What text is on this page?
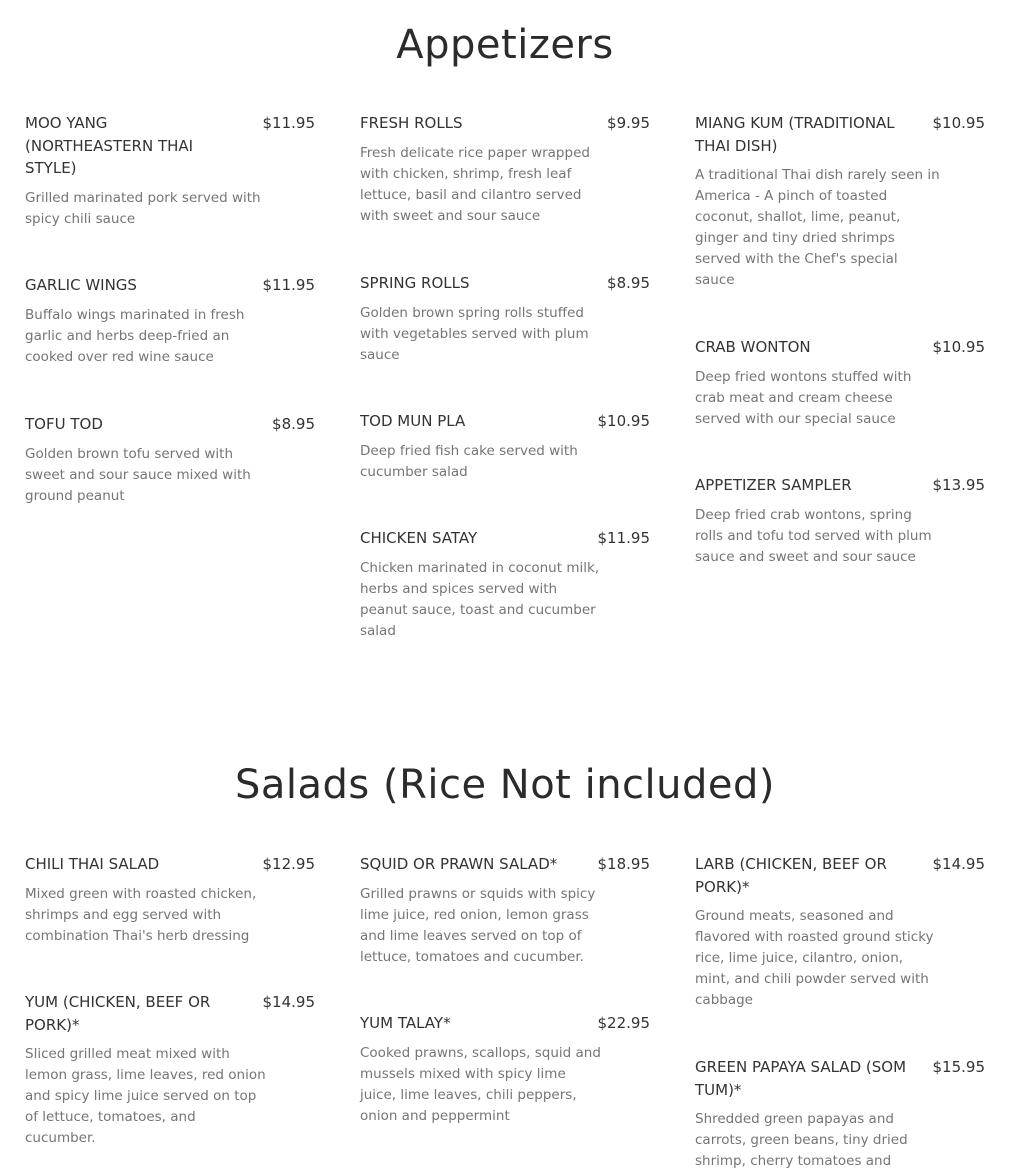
Appetizers
MOO YANG (NORTHEASTERN THAI STYLE)
$11.95
Grilled marinated pork served with spicy chili sauce
GARLIC WINGS	$11.95
Buffalo wings marinated in fresh garlic and herbs deep-fried an cooked over red wine sauce
TOFU TOD	$8.95
Golden brown tofu served with sweet and sour sauce mixed with ground peanut
FRESH ROLLS	$9.95
Fresh delicate rice paper wrapped with chicken, shrimp, fresh leaf lettuce, basil and cilantro served with sweet and sour sauce
SPRING ROLLS	$8.95
Golden brown spring rolls stuffed with vegetables served with plum sauce
TOD MUN PLA	$10.95
Deep fried fish cake served with cucumber salad
CHICKEN SATAY	$11.95
Chicken marinated in coconut milk, herbs and spices served with peanut sauce, toast and cucumber salad
MIANG KUM (TRADITIONAL THAI DISH)
$10.95
A traditional Thai dish rarely seen in America - A pinch of toasted coconut, shallot, lime, peanut, ginger and tiny dried shrimps served with the Chef's special sauce
CRAB WONTON	$10.95
Deep fried wontons stuffed with crab meat and cream cheese served with our special sauce
APPETIZER SAMPLER	$13.95
Deep fried crab wontons, spring rolls and tofu tod served with plum sauce and sweet and sour sauce
Salads (Rice Not included)
CHILI THAI SALAD	$12.95
Mixed green with roasted chicken, shrimps and egg served with combination Thai's herb dressing
YUM (CHICKEN, BEEF OR PORK)*
$14.95
Sliced grilled meat mixed with lemon grass, lime leaves, red onion and spicy lime juice served on top of lettuce, tomatoes, and cucumber.
SQUID OR PRAWN SALAD*	$18.95
Grilled prawns or squids with spicy lime juice, red onion, lemon grass and lime leaves served on top of lettuce, tomatoes and cucumber.
YUM TALAY*	$22.95
Cooked prawns, scallops, squid and mussels mixed with spicy lime juice, lime leaves, chili peppers, onion and peppermint
LARB (CHICKEN, BEEF OR PORK)*
$14.95
Ground meats, seasoned and flavored with roasted ground sticky rice, lime juice, cilantro, onion, mint, and chili powder served with cabbage
GREEN PAPAYA SALAD (SOM TUM)*
$15.95
Shredded green papayas and carrots, green beans, tiny dried shrimp, cherry tomatoes and
